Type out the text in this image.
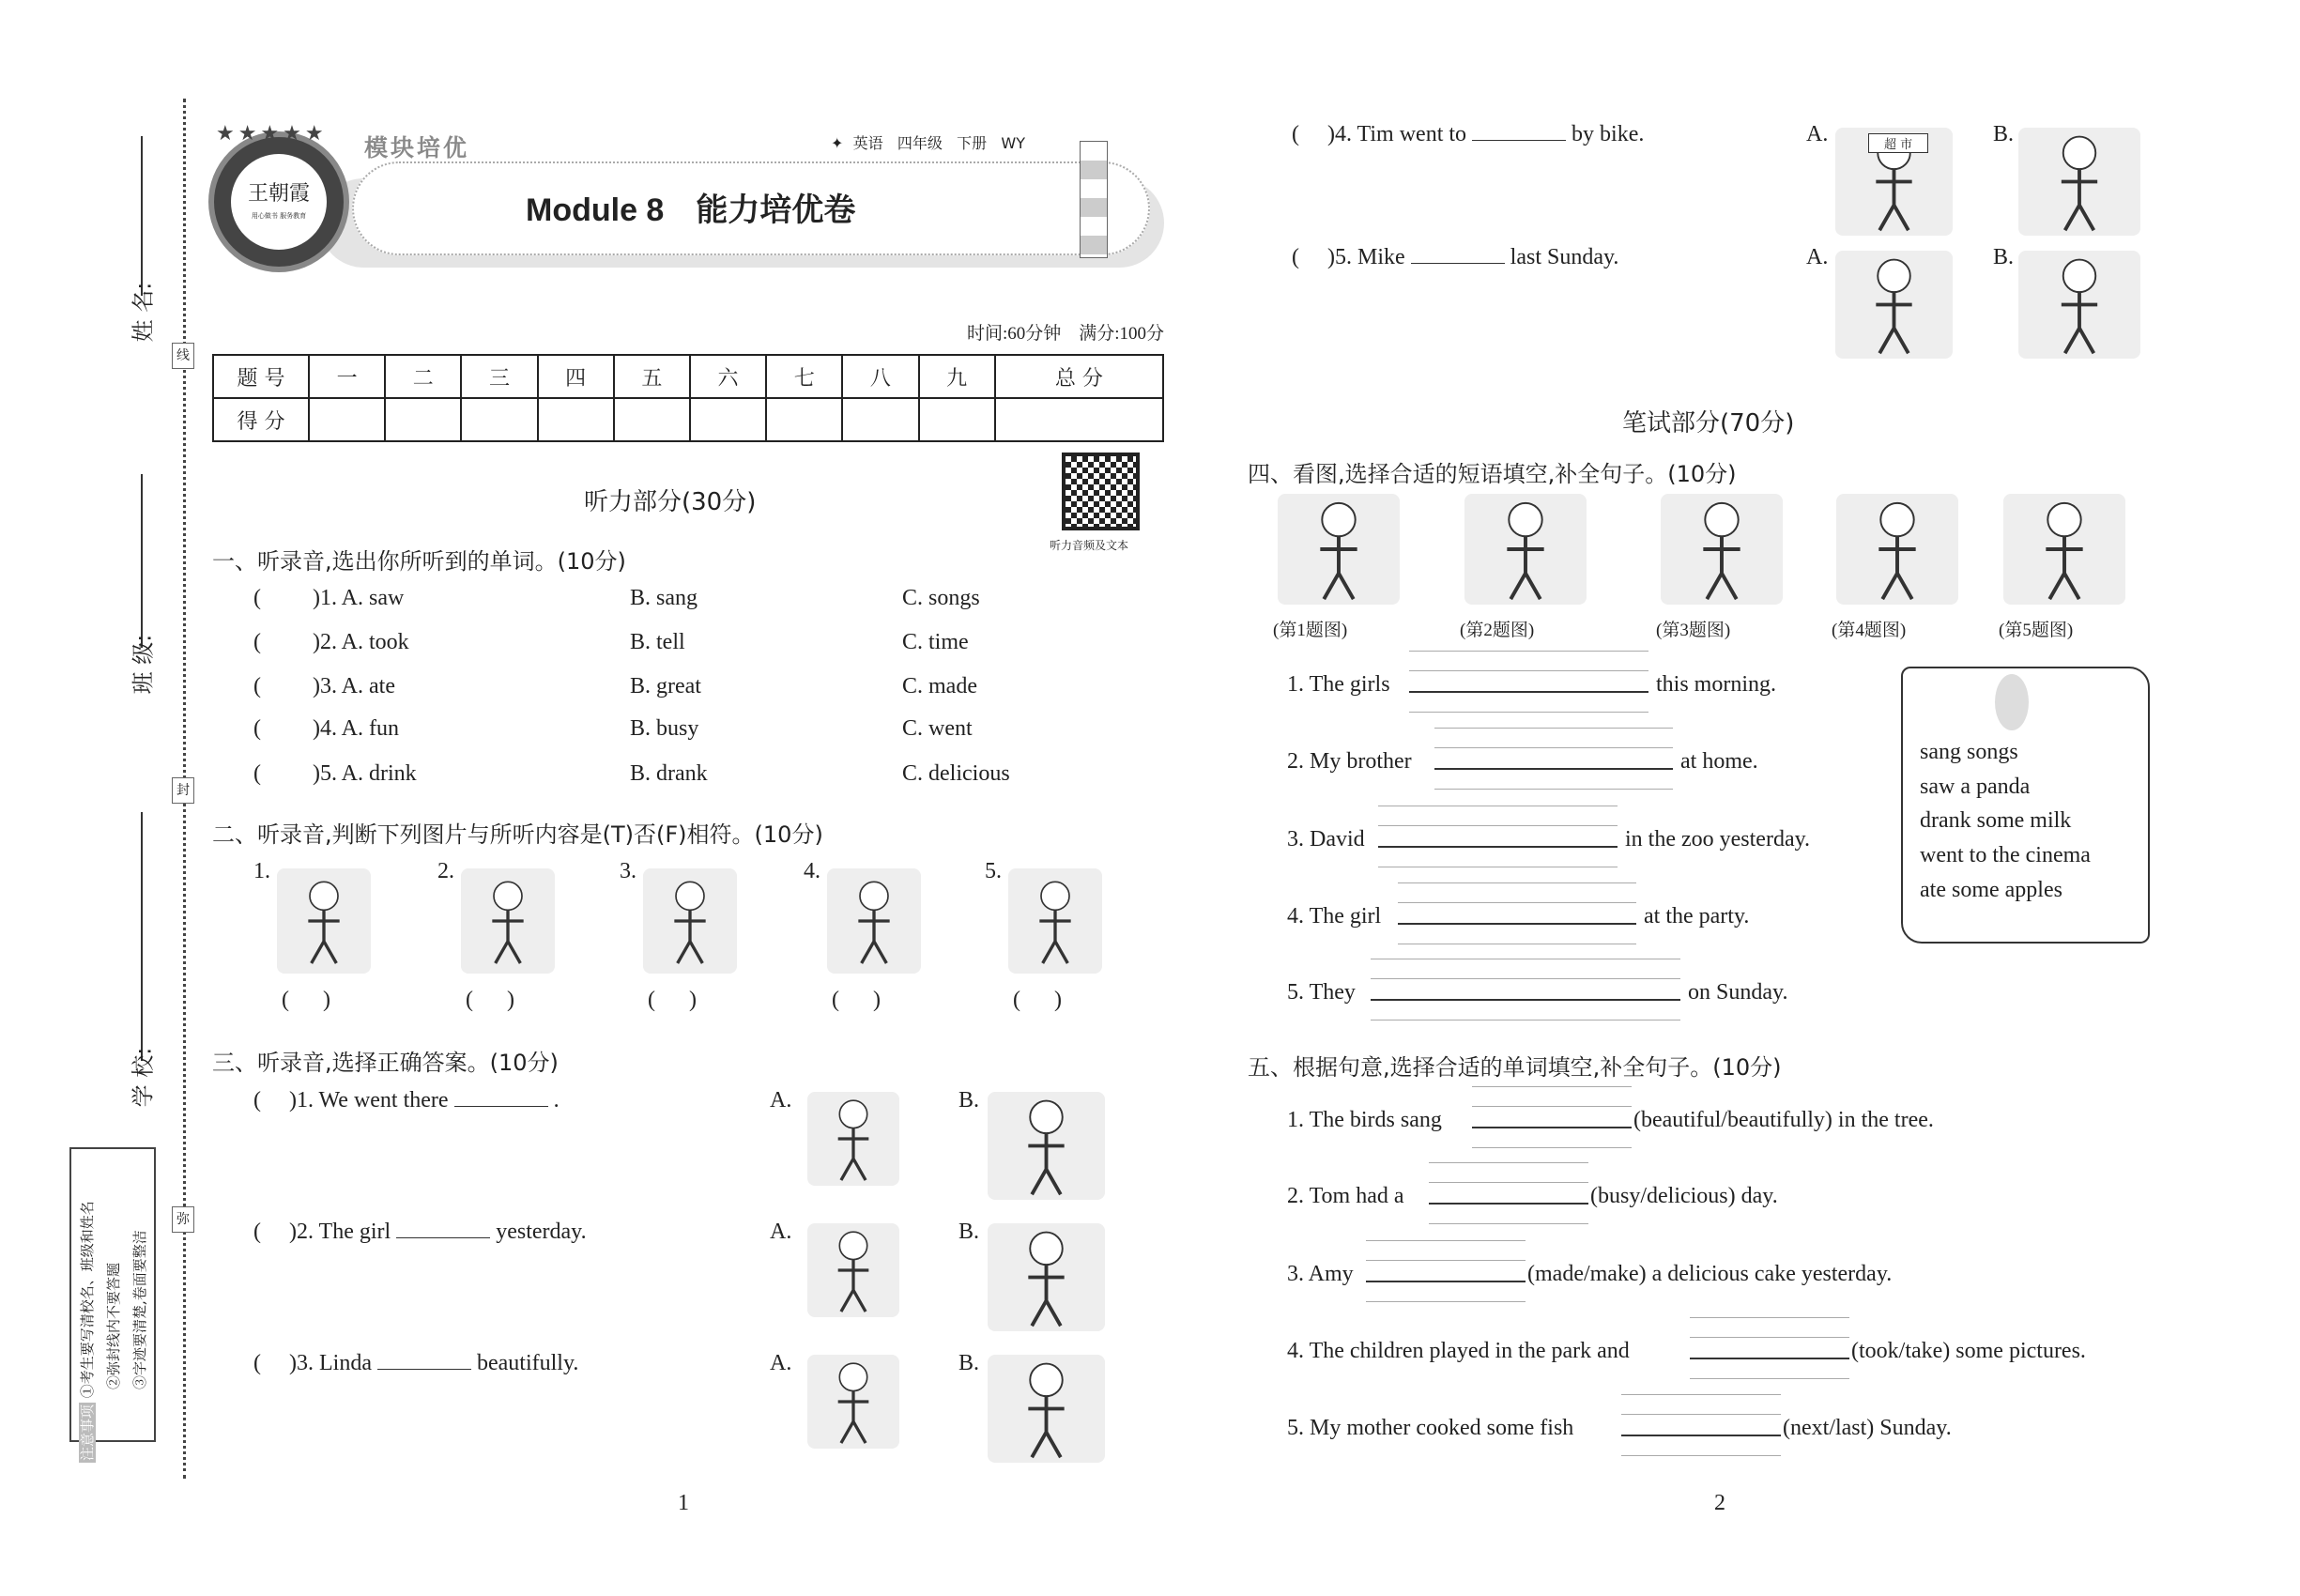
姓 名:
班 级:
学 校:
线
封
弥
注意事项 ①考生要写清校名、班级和姓名 ②弥封线内不要答题 ③字迹要清楚,卷面要整洁
王朝霞
用心做书 服务教育
★★★★★
模块培优	✦ 英语 四年级 下册 WY
Module 8　能力培优卷
时间:60分钟　满分:100分
题 号	一	二	三	四	五	六	七	八	九	总 分
得 分										
听力音频及文本
听力部分(30分)
一、听录音,选出你所听到的单词。(10分)
二、听录音,判断下列图片与所听内容是(T)否(F)相符。(10分)
三、听录音,选择正确答案。(10分)
1	2
笔试部分(70分)
四、看图,选择合适的短语填空,补全句子。(10分)
五、根据句意,选择合适的单词填空,补全句子。(10分)
( )1. A. saw	B. sang	C. songs
( )2. A. took	B. tell	C. time
( )3. A. ate	B. great	C. made
( )4. A. fun	B. busy	C. went
( )5. A. drink	B. drank	C. delicious
1.
(      )
2.
(      )
3.
(      )
4.
(      )
5.
(      )
( )1. We went there	.	A.	B.
( )2. The girl	yesterday.	A.	B.
( )3. Linda	beautifully.	A.	B.
( )4. Tim went to	by bike.	A.	B.
( )5. Mike	last Sunday.	A.	B.
超 市
(第1题图)	(第2题图)	(第3题图)	(第4题图)	(第5题图)
1. The girls	this morning.
2. My brother	at home.
3. David	in the zoo yesterday.
4. The girl	at the party.
5. They	on Sunday.
sang songs
saw a panda
drank some milk
went to the cinema
ate some apples
1. The birds sang	(beautiful/beautifully) in the tree.
2. Tom had a	(busy/delicious) day.
3. Amy	(made/make) a delicious cake yesterday.
4. The children played in the park and	(took/take) some pictures.
5. My mother cooked some fish	(next/last) Sunday.
